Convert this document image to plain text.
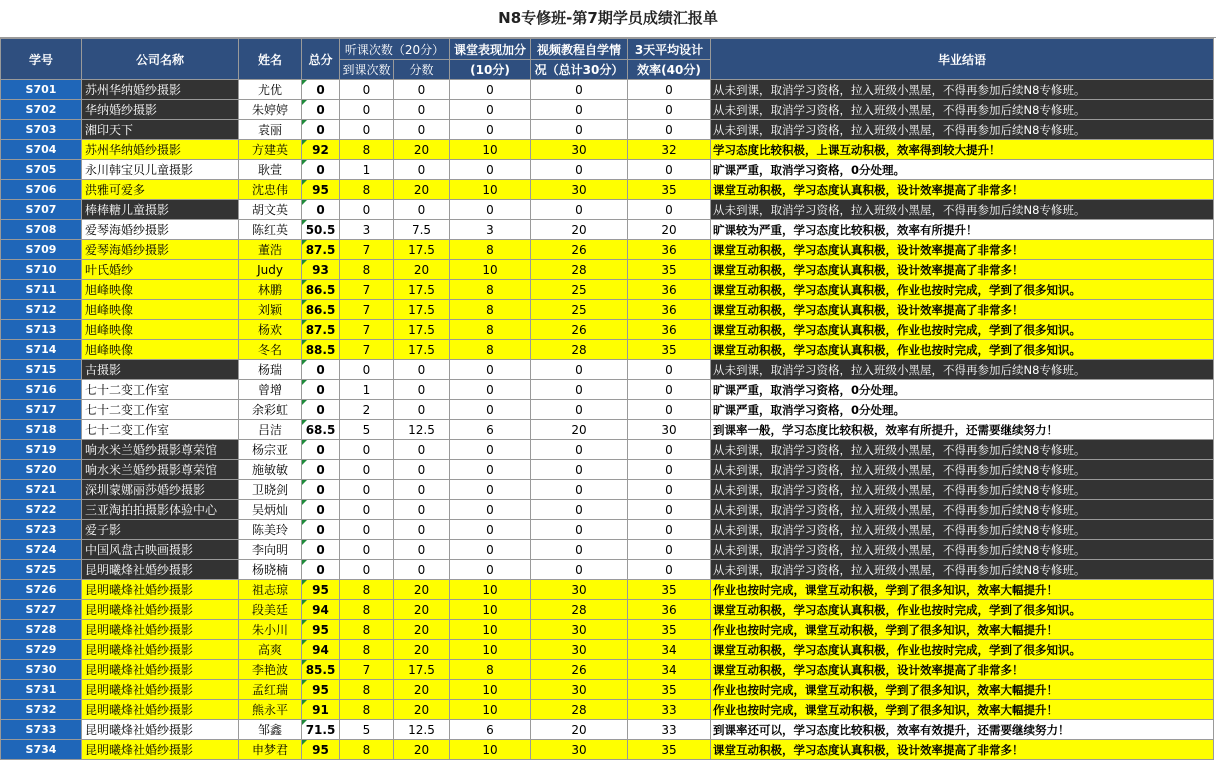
N8专修班-第7期学员成绩汇报单
学号	公司名称	姓名	总分	听课次数（20分）		课堂表现加分	视频教程自学情	3天平均设计	毕业结语
				到课次数	分数	(10分)	况（总计30分）	效率(40分)	
S701	苏州华纳婚纱摄影	尤优	0	0	0	0	0	0	从未到课，取消学习资格，拉入班级小黑屋，不得再参加后续N8专修班。
S702	华纳婚纱摄影	朱婷婷	0	0	0	0	0	0	从未到课，取消学习资格，拉入班级小黑屋，不得再参加后续N8专修班。
S703	湘印天下	袁丽	0	0	0	0	0	0	从未到课，取消学习资格，拉入班级小黑屋，不得再参加后续N8专修班。
S704	苏州华纳婚纱摄影	方建英	92	8	20	10	30	32	学习态度比较积极，上课互动积极，效率得到较大提升！
S705	永川韩宝贝儿童摄影	耿萱	0	1	0	0	0	0	旷课严重，取消学习资格，0分处理。
S706	洪雅可爱多	沈忠伟	95	8	20	10	30	35	课堂互动积极，学习态度认真积极，设计效率提高了非常多！
S707	棒棒糖儿童摄影	胡文英	0	0	0	0	0	0	从未到课，取消学习资格，拉入班级小黑屋，不得再参加后续N8专修班。
S708	爱琴海婚纱摄影	陈红英	50.5	3	7.5	3	20	20	旷课较为严重，学习态度比较积极，效率有所提升！
S709	爱琴海婚纱摄影	董浩	87.5	7	17.5	8	26	36	课堂互动积极，学习态度认真积极，设计效率提高了非常多！
S710	叶氏婚纱	Judy	93	8	20	10	28	35	课堂互动积极，学习态度认真积极，设计效率提高了非常多！
S711	旭峰映像	林鹏	86.5	7	17.5	8	25	36	课堂互动积极，学习态度认真积极，作业也按时完成，学到了很多知识。
S712	旭峰映像	刘颖	86.5	7	17.5	8	25	36	课堂互动积极，学习态度认真积极，设计效率提高了非常多！
S713	旭峰映像	杨欢	87.5	7	17.5	8	26	36	课堂互动积极，学习态度认真积极，作业也按时完成，学到了很多知识。
S714	旭峰映像	冬名	88.5	7	17.5	8	28	35	课堂互动积极，学习态度认真积极，作业也按时完成，学到了很多知识。
S715	古摄影	杨瑞	0	0	0	0	0	0	从未到课，取消学习资格，拉入班级小黑屋，不得再参加后续N8专修班。
S716	七十二变工作室	曾增	0	1	0	0	0	0	旷课严重，取消学习资格，0分处理。
S717	七十二变工作室	余彩虹	0	2	0	0	0	0	旷课严重，取消学习资格，0分处理。
S718	七十二变工作室	吕洁	68.5	5	12.5	6	20	30	到课率一般，学习态度比较积极，效率有所提升，还需要继续努力！
S719	响水米兰婚纱摄影尊荣馆	杨宗亚	0	0	0	0	0	0	从未到课，取消学习资格，拉入班级小黑屋，不得再参加后续N8专修班。
S720	响水米兰婚纱摄影尊荣馆	施敏敏	0	0	0	0	0	0	从未到课，取消学习资格，拉入班级小黑屋，不得再参加后续N8专修班。
S721	深圳蒙娜丽莎婚纱摄影	卫晓剑	0	0	0	0	0	0	从未到课，取消学习资格，拉入班级小黑屋，不得再参加后续N8专修班。
S722	三亚淘拍拍摄影体验中心	吴炳灿	0	0	0	0	0	0	从未到课，取消学习资格，拉入班级小黑屋，不得再参加后续N8专修班。
S723	爱子影	陈美玲	0	0	0	0	0	0	从未到课，取消学习资格，拉入班级小黑屋，不得再参加后续N8专修班。
S724	中国风盘古映画摄影	李向明	0	0	0	0	0	0	从未到课，取消学习资格，拉入班级小黑屋，不得再参加后续N8专修班。
S725	昆明曦烽社婚纱摄影	杨晓楠	0	0	0	0	0	0	从未到课，取消学习资格，拉入班级小黑屋，不得再参加后续N8专修班。
S726	昆明曦烽社婚纱摄影	祖志琼	95	8	20	10	30	35	作业也按时完成，课堂互动积极，学到了很多知识，效率大幅提升！
S727	昆明曦烽社婚纱摄影	段美廷	94	8	20	10	28	36	课堂互动积极，学习态度认真积极，作业也按时完成，学到了很多知识。
S728	昆明曦烽社婚纱摄影	朱小川	95	8	20	10	30	35	作业也按时完成，课堂互动积极，学到了很多知识，效率大幅提升！
S729	昆明曦烽社婚纱摄影	高爽	94	8	20	10	30	34	课堂互动积极，学习态度认真积极，作业也按时完成，学到了很多知识。
S730	昆明曦烽社婚纱摄影	李艳波	85.5	7	17.5	8	26	34	课堂互动积极，学习态度认真积极，设计效率提高了非常多！
S731	昆明曦烽社婚纱摄影	孟红瑞	95	8	20	10	30	35	作业也按时完成，课堂互动积极，学到了很多知识，效率大幅提升！
S732	昆明曦烽社婚纱摄影	熊永平	91	8	20	10	28	33	作业也按时完成，课堂互动积极，学到了很多知识，效率大幅提升！
S733	昆明曦烽社婚纱摄影	邹鑫	71.5	5	12.5	6	20	33	到课率还可以，学习态度比较积极，效率有效提升，还需要继续努力！
S734	昆明曦烽社婚纱摄影	申梦君	95	8	20	10	30	35	课堂互动积极，学习态度认真积极，设计效率提高了非常多！
